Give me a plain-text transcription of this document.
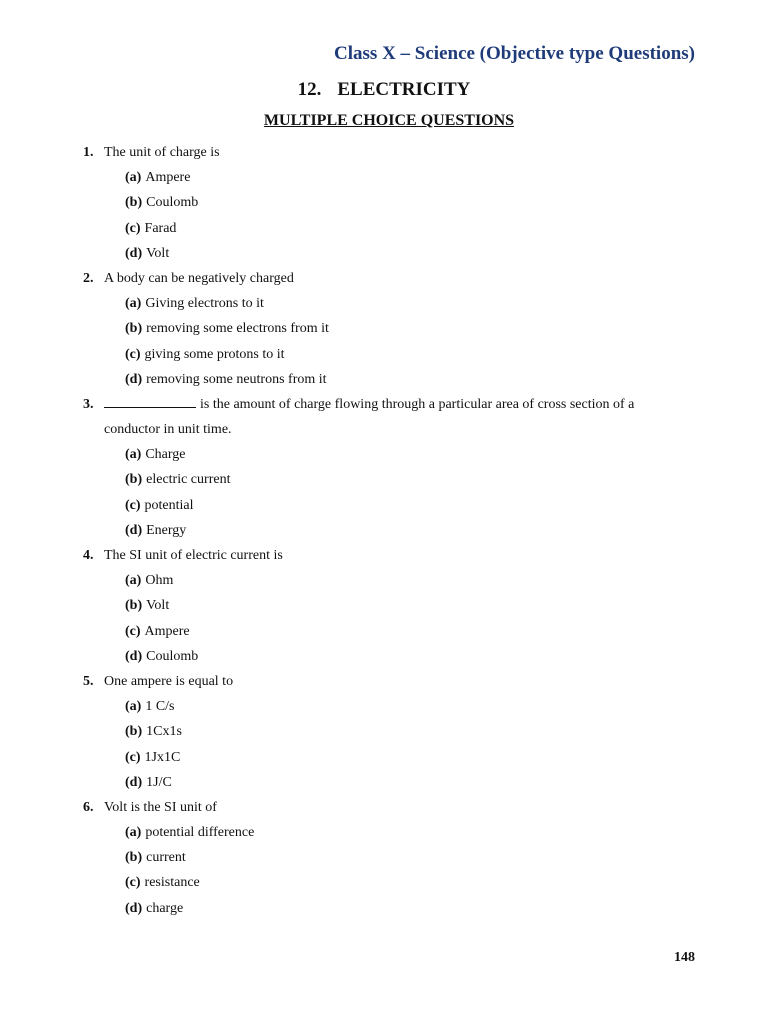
Class X – Science (Objective type Questions)
12. ELECTRICITY
MULTIPLE CHOICE QUESTIONS
1. The unit of charge is
(a) Ampere
(b) Coulomb
(c) Farad
(d) Volt
2. A body can be negatively charged
(a) Giving electrons to it
(b) removing some electrons from it
(c) giving some protons to it
(d) removing some neutrons from it
3.	is the amount of charge flowing through a particular area of cross section of a
conductor in unit time.
(a) Charge
(b) electric current
(c) potential
(d) Energy
4. The SI unit of electric current is
(a) Ohm
(b) Volt
(c) Ampere
(d) Coulomb
5. One ampere is equal to
(a) 1 C/s
(b) 1Cx1s
(c) 1Jx1C
(d) 1J/C
6. Volt is the SI unit of
(a) potential difference
(b) current
(c) resistance
(d) charge
148
